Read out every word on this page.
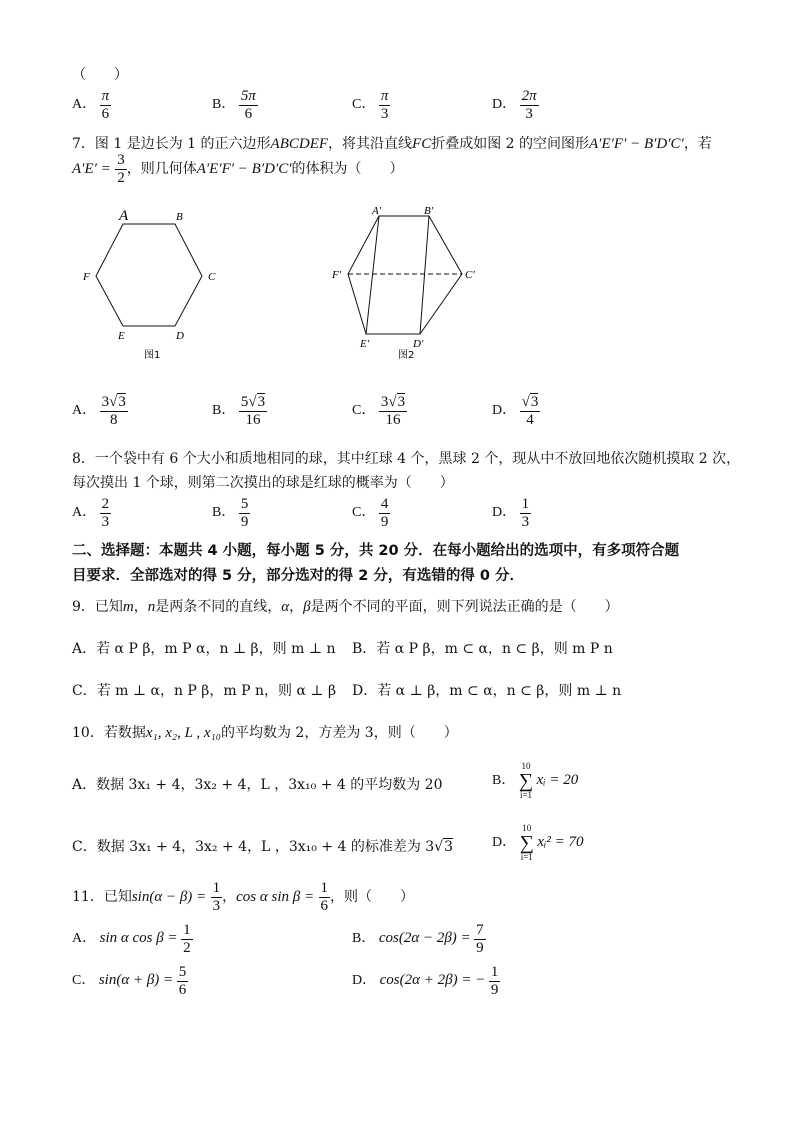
（　　）
A． $\frac{\pi}{6}$	B． $\frac{5\pi}{6}$	C． $\frac{\pi}{3}$	D． $\frac{2\pi}{3}$
7．图 1 是边长为 1 的正六边形ABCDEF，将其沿直线FC折叠成如图 2 的空间图形A′E′F′ − B′D′C′，若
$A'E' = \frac{3}{2}$ ，则几何体A′E′F′ − B′D′C′的体积为（　　）
A	B
C
D
E
F
图1
A′	B′
C′
D′
E′
F′
图2
A． $\frac{3√3}{8}$	B． $\frac{5√3}{16}$	C． $\frac{3√3}{16}$	D． $\frac{√3}{4}$
8．一个袋中有 6 个大小和质地相同的球，其中红球 4 个，黑球 2 个，现从中不放回地依次随机摸取 2 次，
每次摸出 1 个球，则第二次摸出的球是红球的概率为（　　）
A． $\frac{2}{3}$	B． $\frac{5}{9}$	C． $\frac{4}{9}$	D． $\frac{1}{3}$
二、选择题：本题共 4 小题，每小题 5 分，共 20 分．在每小题给出的选项中，有多项符合题
目要求．全部选对的得 5 分，部分选对的得 2 分，有选错的得 0 分．
9．已知m，n是两条不同的直线，α，β是两个不同的平面，则下列说法正确的是（　　）
A．若 α P β，m P α，n ⊥ β，则 m ⊥ n B．若 α P β，m ⊂ α，n ⊂ β，则 m P n
C．若 m ⊥ α，n P β，m P n，则 α ⊥ β D．若 α ⊥ β，m ⊂ α，n ⊂ β，则 m ⊥ n
10．若数据x₁, x₂, L , x₁₀的平均数为 2，方差为 3，则（　　）
A．数据 3x₁ + 4，3x₂ + 4，L ，3x₁₀ + 4 的平均数为 20	B．
10
∑
i=1
xᵢ = 20
C．数据 3x₁ + 4，3x₂ + 4，L ，3x₁₀ + 4 的标准差为 3√3	D．
10
∑
i=1
xᵢ² = 70
11．已知$\sin(\alpha - \beta) = \frac{1}{3}$ ，cos α $\sin \beta = \frac{1}{6}$ ，则（　　）
A． sin α $\cos \beta = \frac{1}{2}$	B． $\cos(2\alpha - 2\beta) = \frac{7}{9}$
C． $\sin(\alpha + \beta) = \frac{5}{6}$	D． cos(2α + 2β) = − $\frac{1}{9}$
